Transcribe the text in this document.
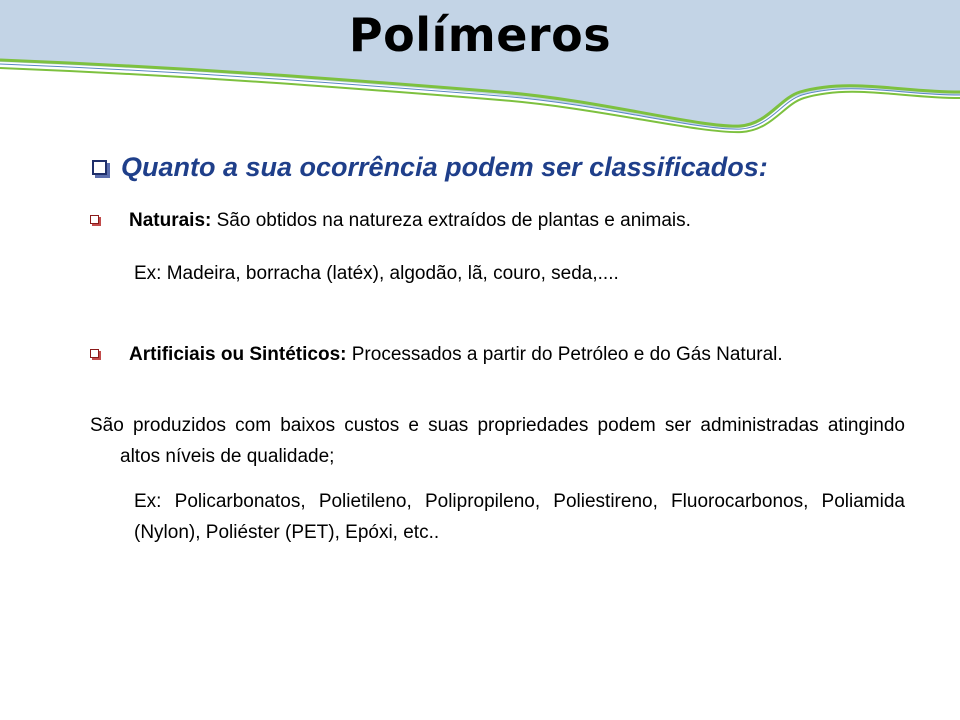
Polímeros
Quanto a sua ocorrência podem ser classificados:
Naturais: São obtidos na natureza extraídos de plantas e animais.
Ex: Madeira, borracha (latéx), algodão, lã, couro, seda,....
Artificiais ou Sintéticos: Processados a partir do Petróleo e do Gás Natural.
São produzidos com baixos custos e suas propriedades podem ser administradas atingindo altos níveis de qualidade;
Ex: Policarbonatos, Polietileno, Polipropileno, Poliestireno, Fluorocarbonos, Poliamida (Nylon), Poliéster (PET), Epóxi, etc..
